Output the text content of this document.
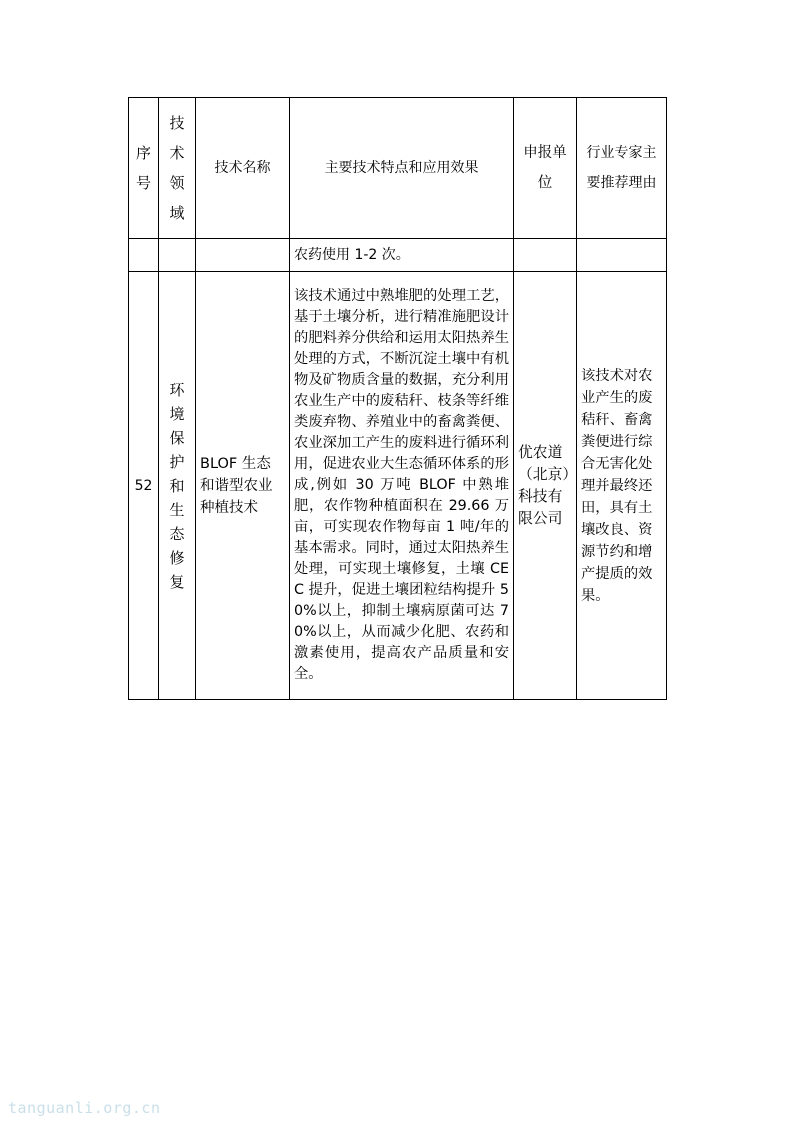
序号	技术领域	技术名称	主要技术特点和应用效果	申报单位	行业专家主要推荐理由

			农药使用 1-2 次。		

52	环境保护和生态修复	BLOF 生态和谐型农业种植技术	该技术通过中熟堆肥的处理工艺，基于土壤分析，进行精准施肥设计的肥料养分供给和运用太阳热养生处理的方式，不断沉淀土壤中有机物及矿物质含量的数据，充分利用农业生产中的废秸秆、枝条等纤维类废弃物、养殖业中的畜禽粪便、农业深加工产生的废料进行循环利用，促进农业大生态循环体系的形成,例如 30 万吨 BLOF 中熟堆肥，农作物种植面积在 29.66 万亩，可实现农作物每亩 1 吨/年的基本需求。同时，通过太阳热养生处理，可实现土壤修复，土壤 CEC 提升，促进土壤团粒结构提升 50%以上，抑制土壤病原菌可达 70%以上，从而减少化肥、农药和激素使用，提高农产品质量和安全。	优农道（北京）科技有限公司	该技术对农业产生的废秸秆、畜禽粪便进行综合无害化处理并最终还田，具有土壤改良、资源节约和增产提质的效果。
tanguanli.org.cn
